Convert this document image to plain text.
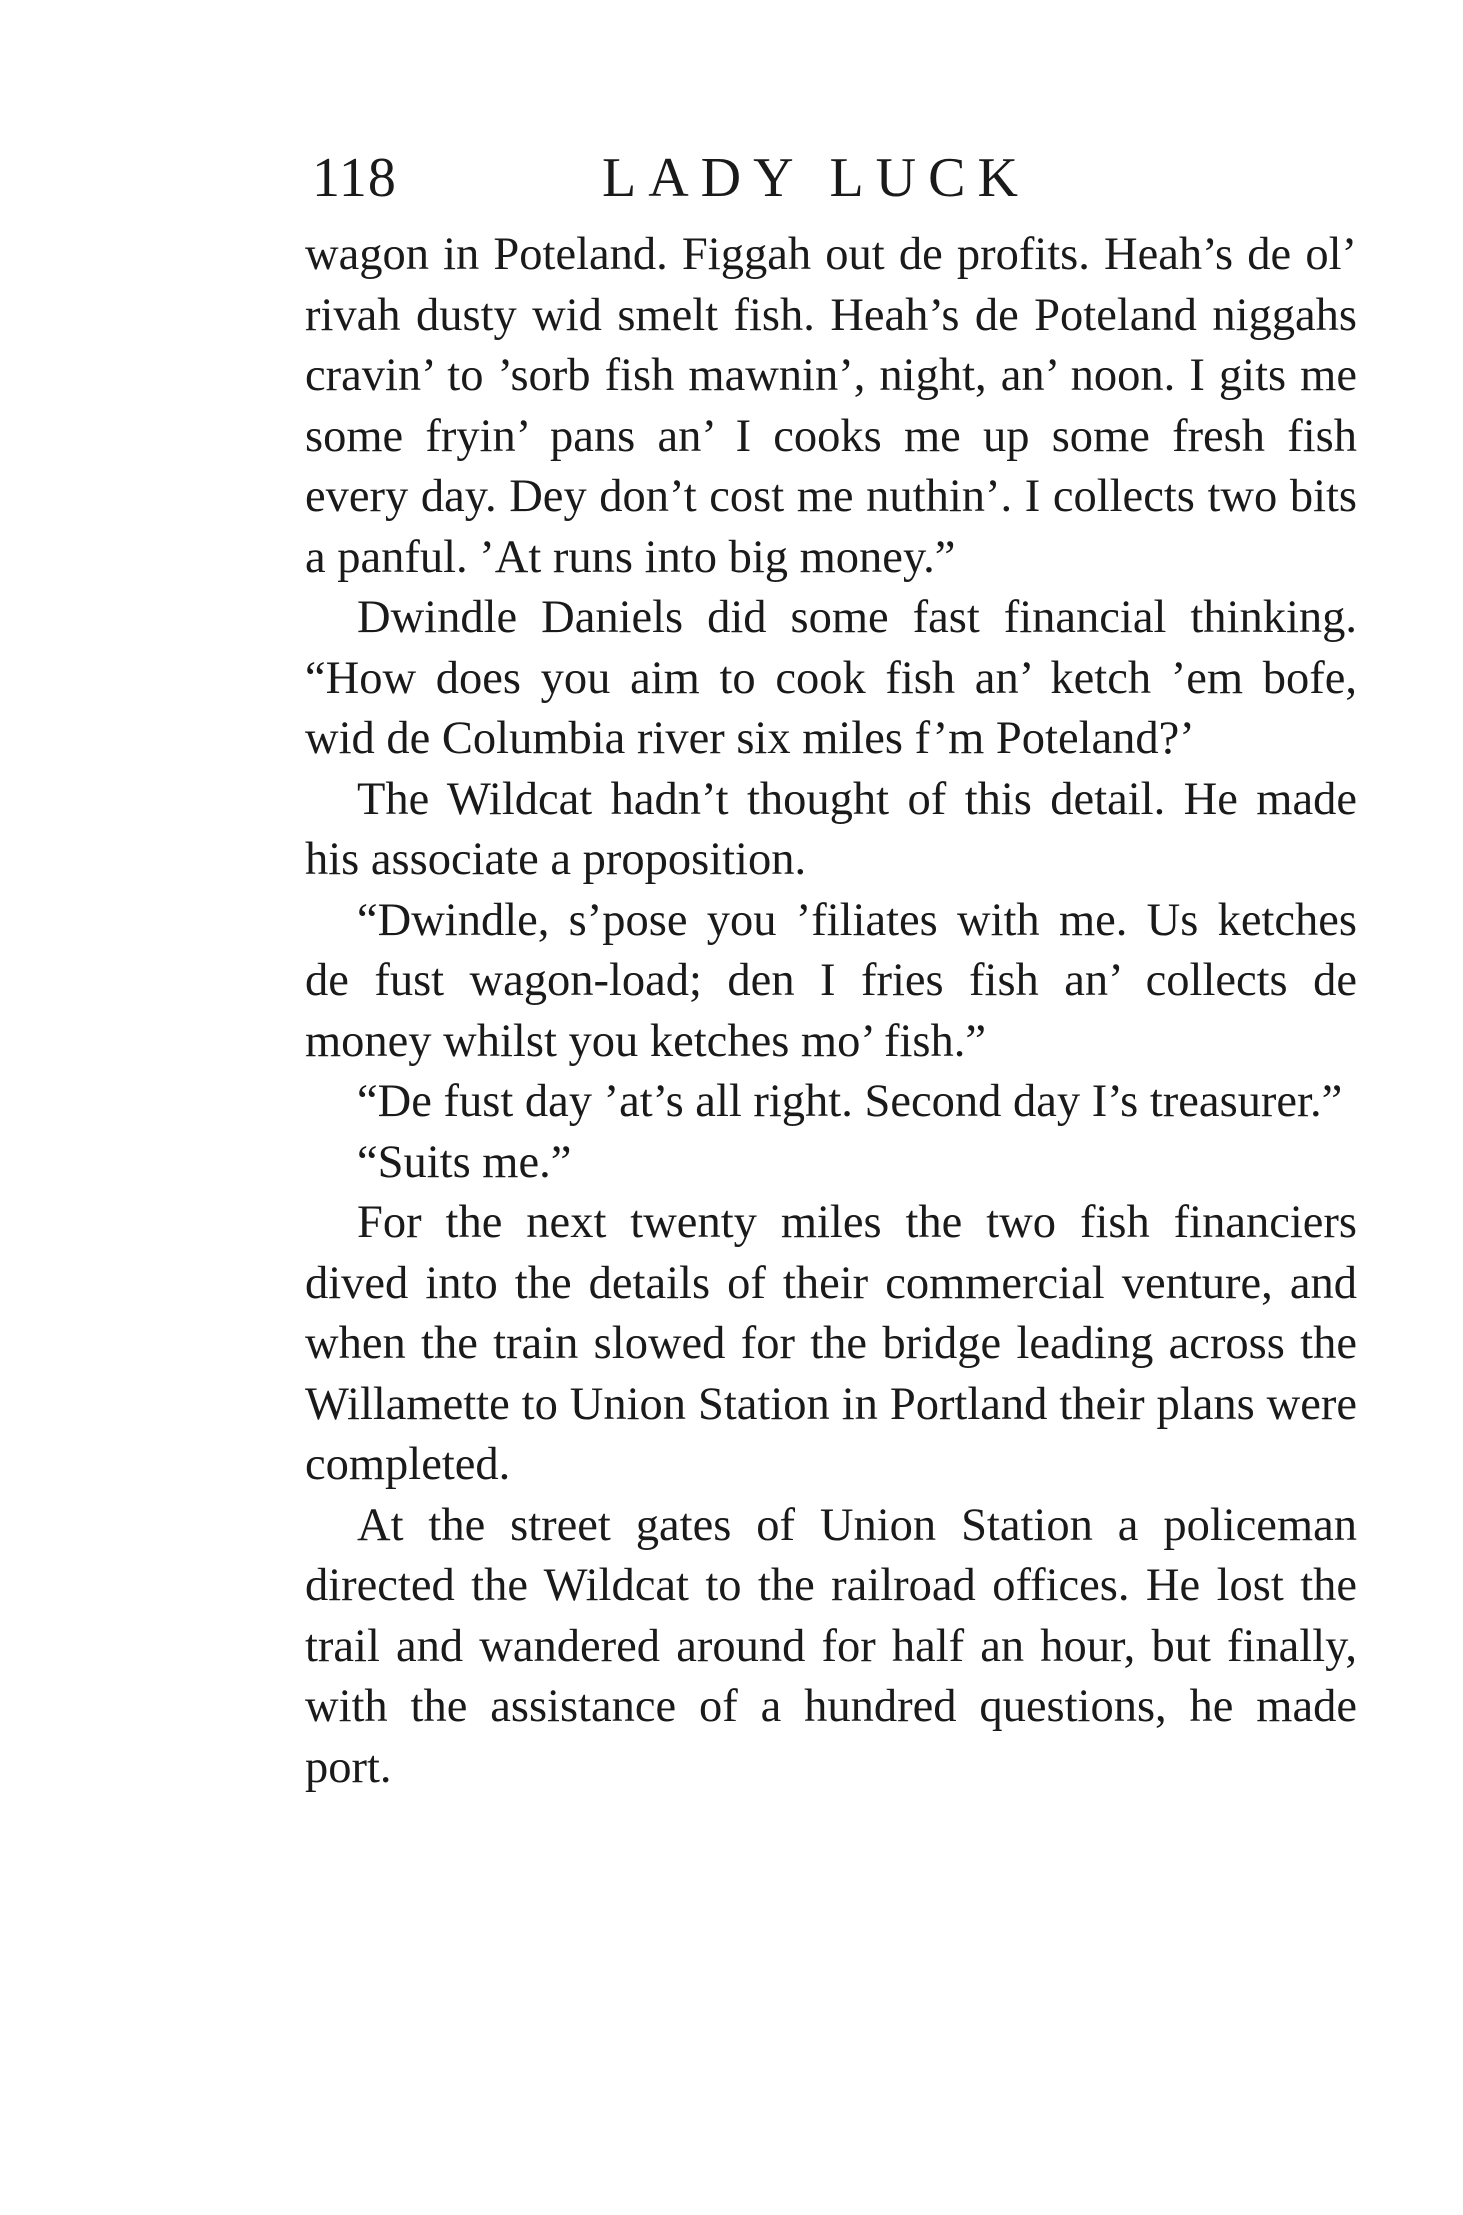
118	LADY LUCK

wagon in Poteland. Figgah out de profits. Heah’s de ol’ rivah dusty wid smelt fish. Heah’s de Poteland niggahs cravin’ to ’sorb fish mawnin’, night, an’ noon. I gits me some fryin’ pans an’ I cooks me up some fresh fish every day. Dey don’t cost me nuthin’. I collects two bits a panful. ’At runs into big money.”

Dwindle Daniels did some fast financial thinking. “How does you aim to cook fish an’ ketch ’em bofe, wid de Columbia river six miles f’m Poteland?’

The Wildcat hadn’t thought of this detail. He made his associate a proposition.

“Dwindle, s’pose you ’filiates with me. Us ketches de fust wagon-load; den I fries fish an’ collects de money whilst you ketches mo’ fish.”

“De fust day ’at’s all right. Second day I’s treasurer.”

“Suits me.”

For the next twenty miles the two fish financiers dived into the details of their commercial venture, and when the train slowed for the bridge leading across the Willamette to Union Station in Portland their plans were completed.

At the street gates of Union Station a policeman directed the Wildcat to the railroad offices. He lost the trail and wandered around for half an hour, but finally, with the assistance of a hundred questions, he made port.
